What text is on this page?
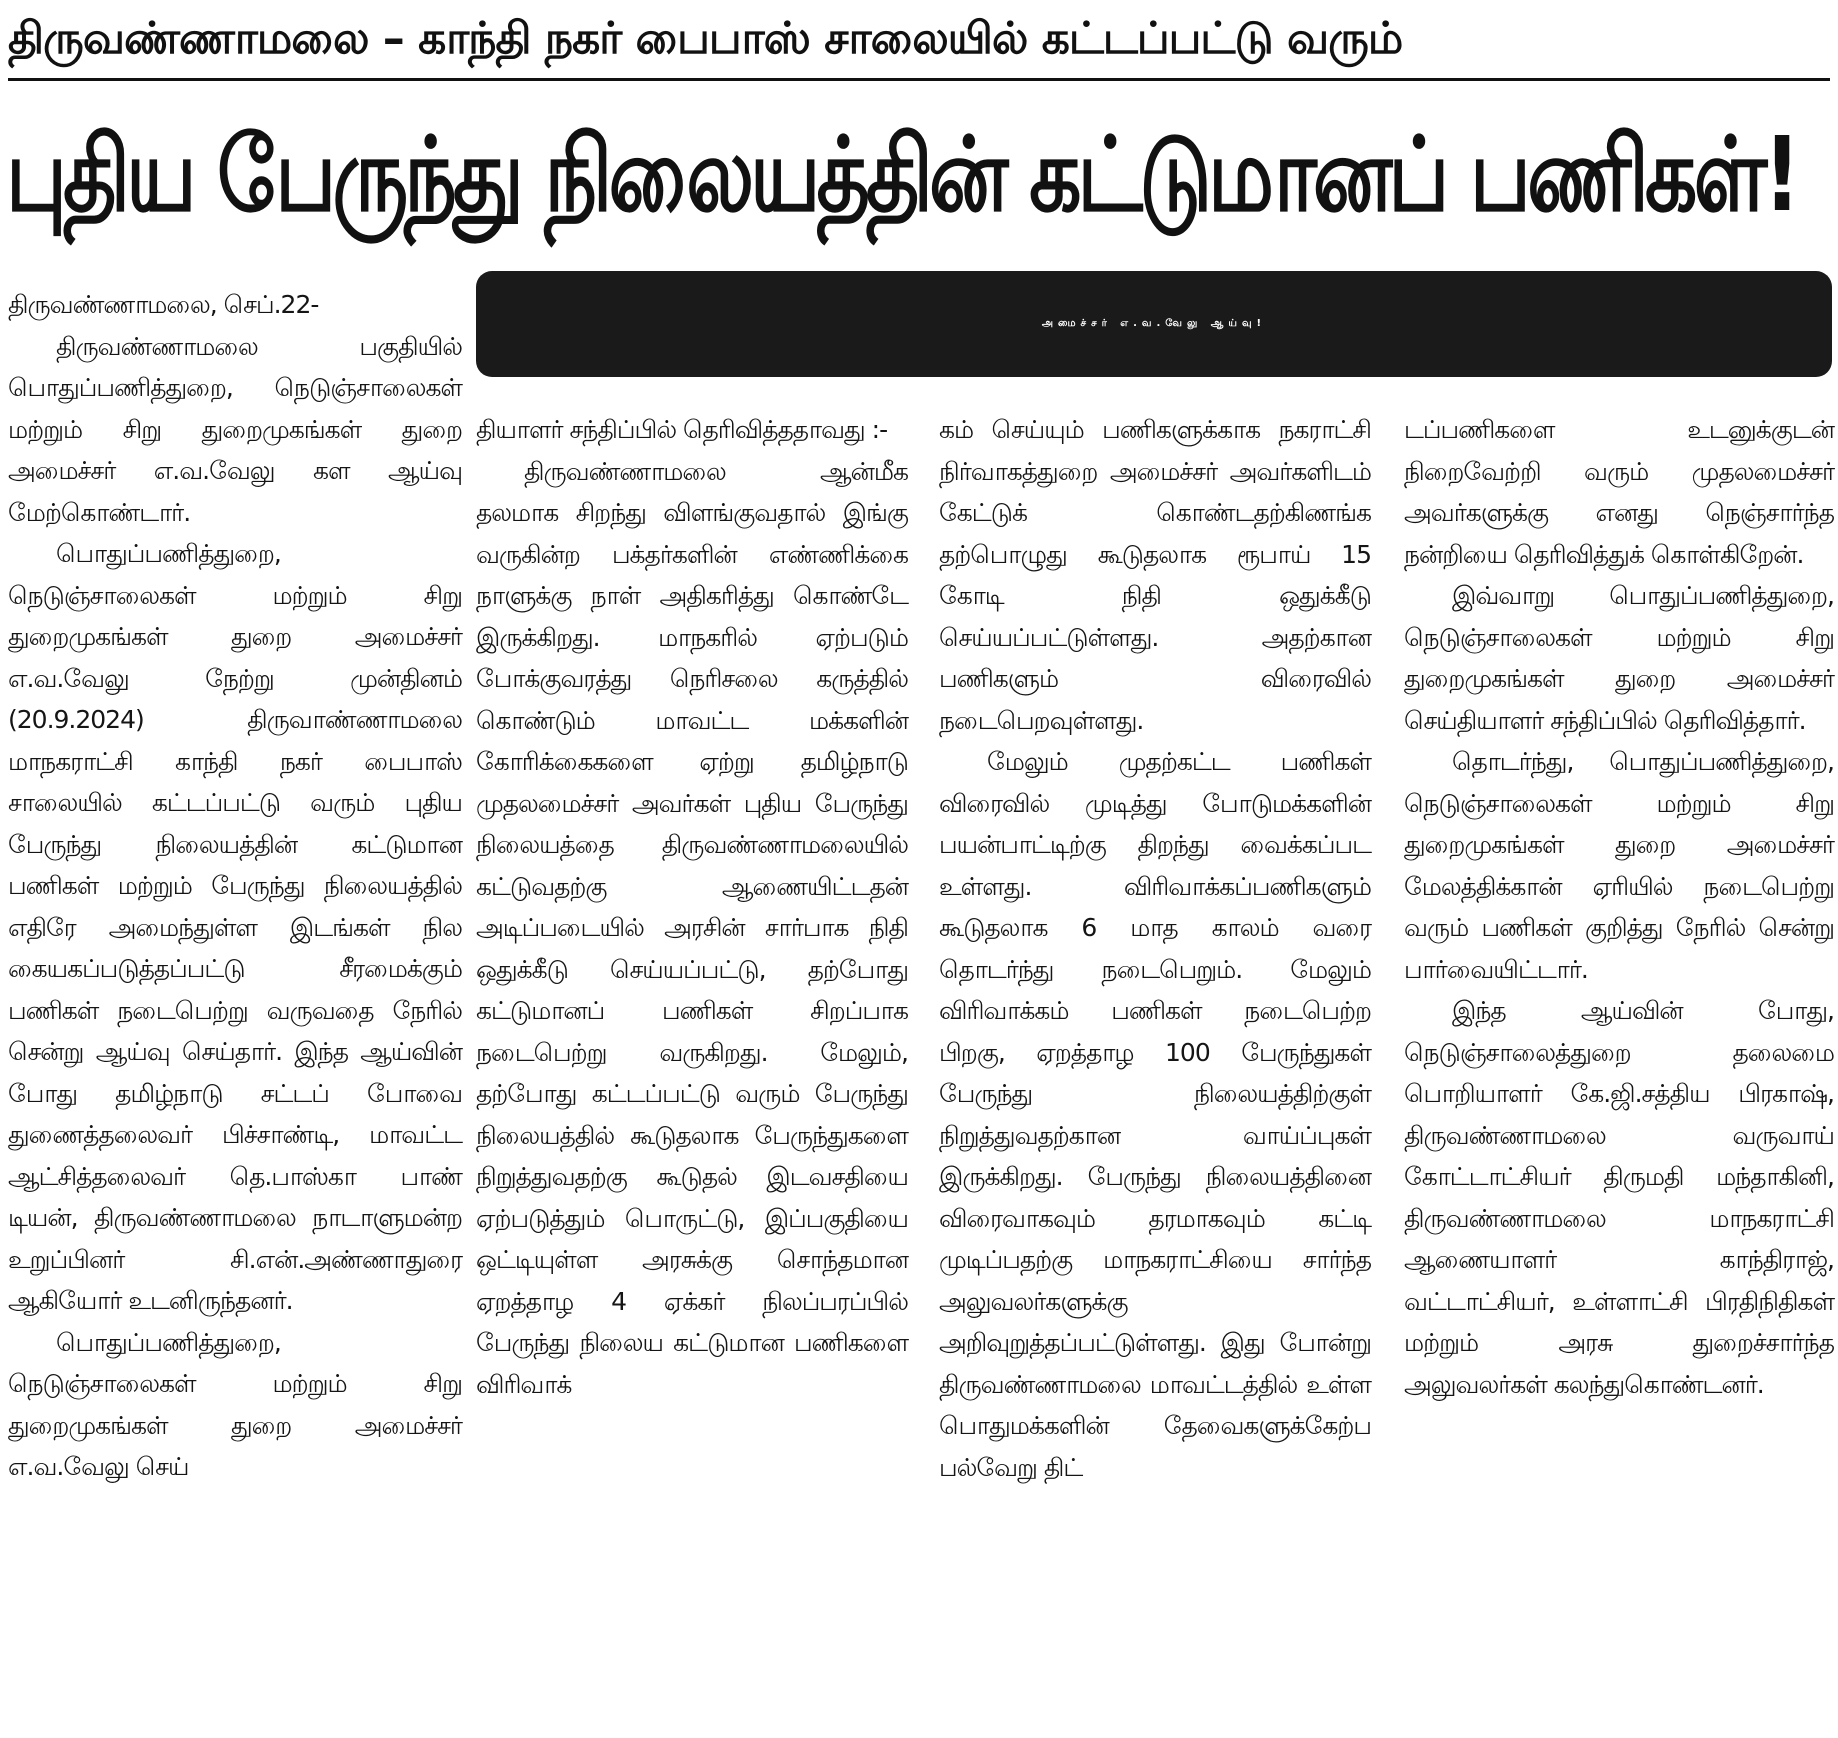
திருவண்ணாமலை – காந்தி நகர் பைபாஸ் சாலையில் கட்டப்பட்டு வரும்
புதிய பேருந்து நிலையத்தின் கட்டுமானப் பணிகள்!
அமைச்சர் எ.வ.வேலு ஆய்வு!

திருவண்ணாமலை, செப்.22-

திருவண்ணாமலை பகுதியில் பொதுப்பணித்துறை, நெடுஞ்சாலைகள் மற்றும் சிறு துறைமுகங்கள் துறை அமைச்சர் எ.வ.வேலு கள ஆய்வு மேற்கொண்டார்.

பொதுப்பணித்துறை, நெடுஞ்சாலைகள் மற்றும் சிறு துறைமுகங்கள் துறை அமைச்சர் எ.வ.வேலு நேற்று முன்தினம் (20.9.2024) திருவாண்ணாமலை மாநகராட்சி காந்தி நகர் பைபாஸ் சாலையில் கட்டப்பட்டு வரும் புதிய பேருந்து நிலையத்தின் கட்டுமான பணிகள் மற்றும் பேருந்து நிலையத்தில் எதிரே அமைந்துள்ள இடங்கள் நில கையகப்படுத்தப்பட்டு சீரமைக்கும் பணிகள் நடைபெற்று வருவதை நேரில் சென்று ஆய்வு செய்தார். இந்த ஆய்வின் போது தமிழ்நாடு சட்டப் போவை துணைத்தலைவர் பிச்சாண்டி, மாவட்ட ஆட்சித்தலைவர் தெ.பாஸ்கா பாண் டியன், திருவண்ணாமலை நாடாளுமன்ற உறுப்பினர் சி.என்.அண்ணாதுரை ஆகியோர் உடனிருந்தனர்.

பொதுப்பணித்துறை, நெடுஞ்சாலைகள் மற்றும் சிறு துறைமுகங்கள் துறை அமைச்சர் எ.வ.வேலு செய்

தியாளர் சந்திப்பில் தெரிவித்ததாவது :-

திருவண்ணாமலை ஆன்மீக தலமாக சிறந்து விளங்குவதால் இங்கு வருகின்ற பக்தர்களின் எண்ணிக்கை நாளுக்கு நாள் அதிகரித்து கொண்டே இருக்கிறது. மாநகரில் ஏற்படும் போக்குவரத்து நெரிசலை கருத்தில் கொண்டும் மாவட்ட மக்களின் கோரிக்கைகளை ஏற்று தமிழ்நாடு முதலமைச்சர் அவர்கள் புதிய பேருந்து நிலையத்தை திருவண்ணாமலையில் கட்டுவதற்கு ஆணையிட்டதன் அடிப்படையில் அரசின் சார்பாக நிதி ஒதுக்கீடு செய்யப்பட்டு, தற்போது கட்டுமானப் பணிகள் சிறப்பாக நடைபெற்று வருகிறது. மேலும், தற்போது கட்டப்பட்டு வரும் பேருந்து நிலையத்தில் கூடுதலாக பேருந்துகளை நிறுத்துவதற்கு கூடுதல் இடவசதியை ஏற்படுத்தும் பொருட்டு, இப்பகுதியை ஒட்டியுள்ள அரசுக்கு சொந்தமான ஏறத்தாழ 4 ஏக்கர் நிலப்பரப்பில் பேருந்து நிலைய கட்டுமான பணிகளை விரிவாக்

கம் செய்யும் பணிகளுக்காக நகராட்சி நிர்வாகத்துறை அமைச்சர் அவர்களிடம் கேட்டுக் கொண்டதற்கிணங்க தற்பொழுது கூடுதலாக ரூபாய் 15 கோடி நிதி ஒதுக்கீடு செய்யப்பட்டுள்ளது. அதற்கான பணிகளும் விரைவில் நடைபெறவுள்ளது.

மேலும் முதற்கட்ட பணிகள் விரைவில் முடித்து போடுமக்களின் பயன்பாட்டிற்கு திறந்து வைக்கப்பட உள்ளது. விரிவாக்கப்பணிகளும் கூடுதலாக 6 மாத காலம் வரை தொடர்ந்து நடைபெறும். மேலும் விரிவாக்கம் பணிகள் நடைபெற்ற பிறகு, ஏறத்தாழ 100 பேருந்துகள் பேருந்து நிலையத்திற்குள் நிறுத்துவதற்கான வாய்ப்புகள் இருக்கிறது. பேருந்து நிலையத்தினை விரைவாகவும் தரமாகவும் கட்டி முடிப்பதற்கு மாநகராட்சியை சார்ந்த அலுவலர்களுக்கு அறிவுறுத்தப்பட்டுள்ளது. இது போன்று திருவண்ணாமலை மாவட்டத்தில் உள்ள பொதுமக்களின் தேவைகளுக்கேற்ப பல்வேறு திட்

டப்பணிகளை உடனுக்குடன் நிறைவேற்றி வரும் முதலமைச்சர் அவர்களுக்கு எனது நெஞ்சார்ந்த நன்றியை தெரிவித்துக் கொள்கிறேன்.

இவ்வாறு பொதுப்பணித்துறை, நெடுஞ்சாலைகள் மற்றும் சிறு துறைமுகங்கள் துறை அமைச்சர் செய்தியாளர் சந்திப்பில் தெரிவித்தார்.

தொடர்ந்து, பொதுப்பணித்துறை, நெடுஞ்சாலைகள் மற்றும் சிறு துறைமுகங்கள் துறை அமைச்சர் மேலத்திக்கான் ஏரியில் நடைபெற்று வரும் பணிகள் குறித்து நேரில் சென்று பார்வையிட்டார்.

இந்த ஆய்வின் போது, நெடுஞ்சாலைத்துறை தலைமை பொறியாளர் கே.ஜி.சத்திய பிரகாஷ், திருவண்ணாமலை வருவாய் கோட்டாட்சியர் திருமதி மந்தாகினி, திருவண்ணாமலை மாநகராட்சி ஆணையாளர் காந்திராஜ், வட்டாட்சியர், உள்ளாட்சி பிரதிநிதிகள் மற்றும் அரசு துறைச்சார்ந்த அலுவலர்கள் கலந்துகொண்டனர்.
